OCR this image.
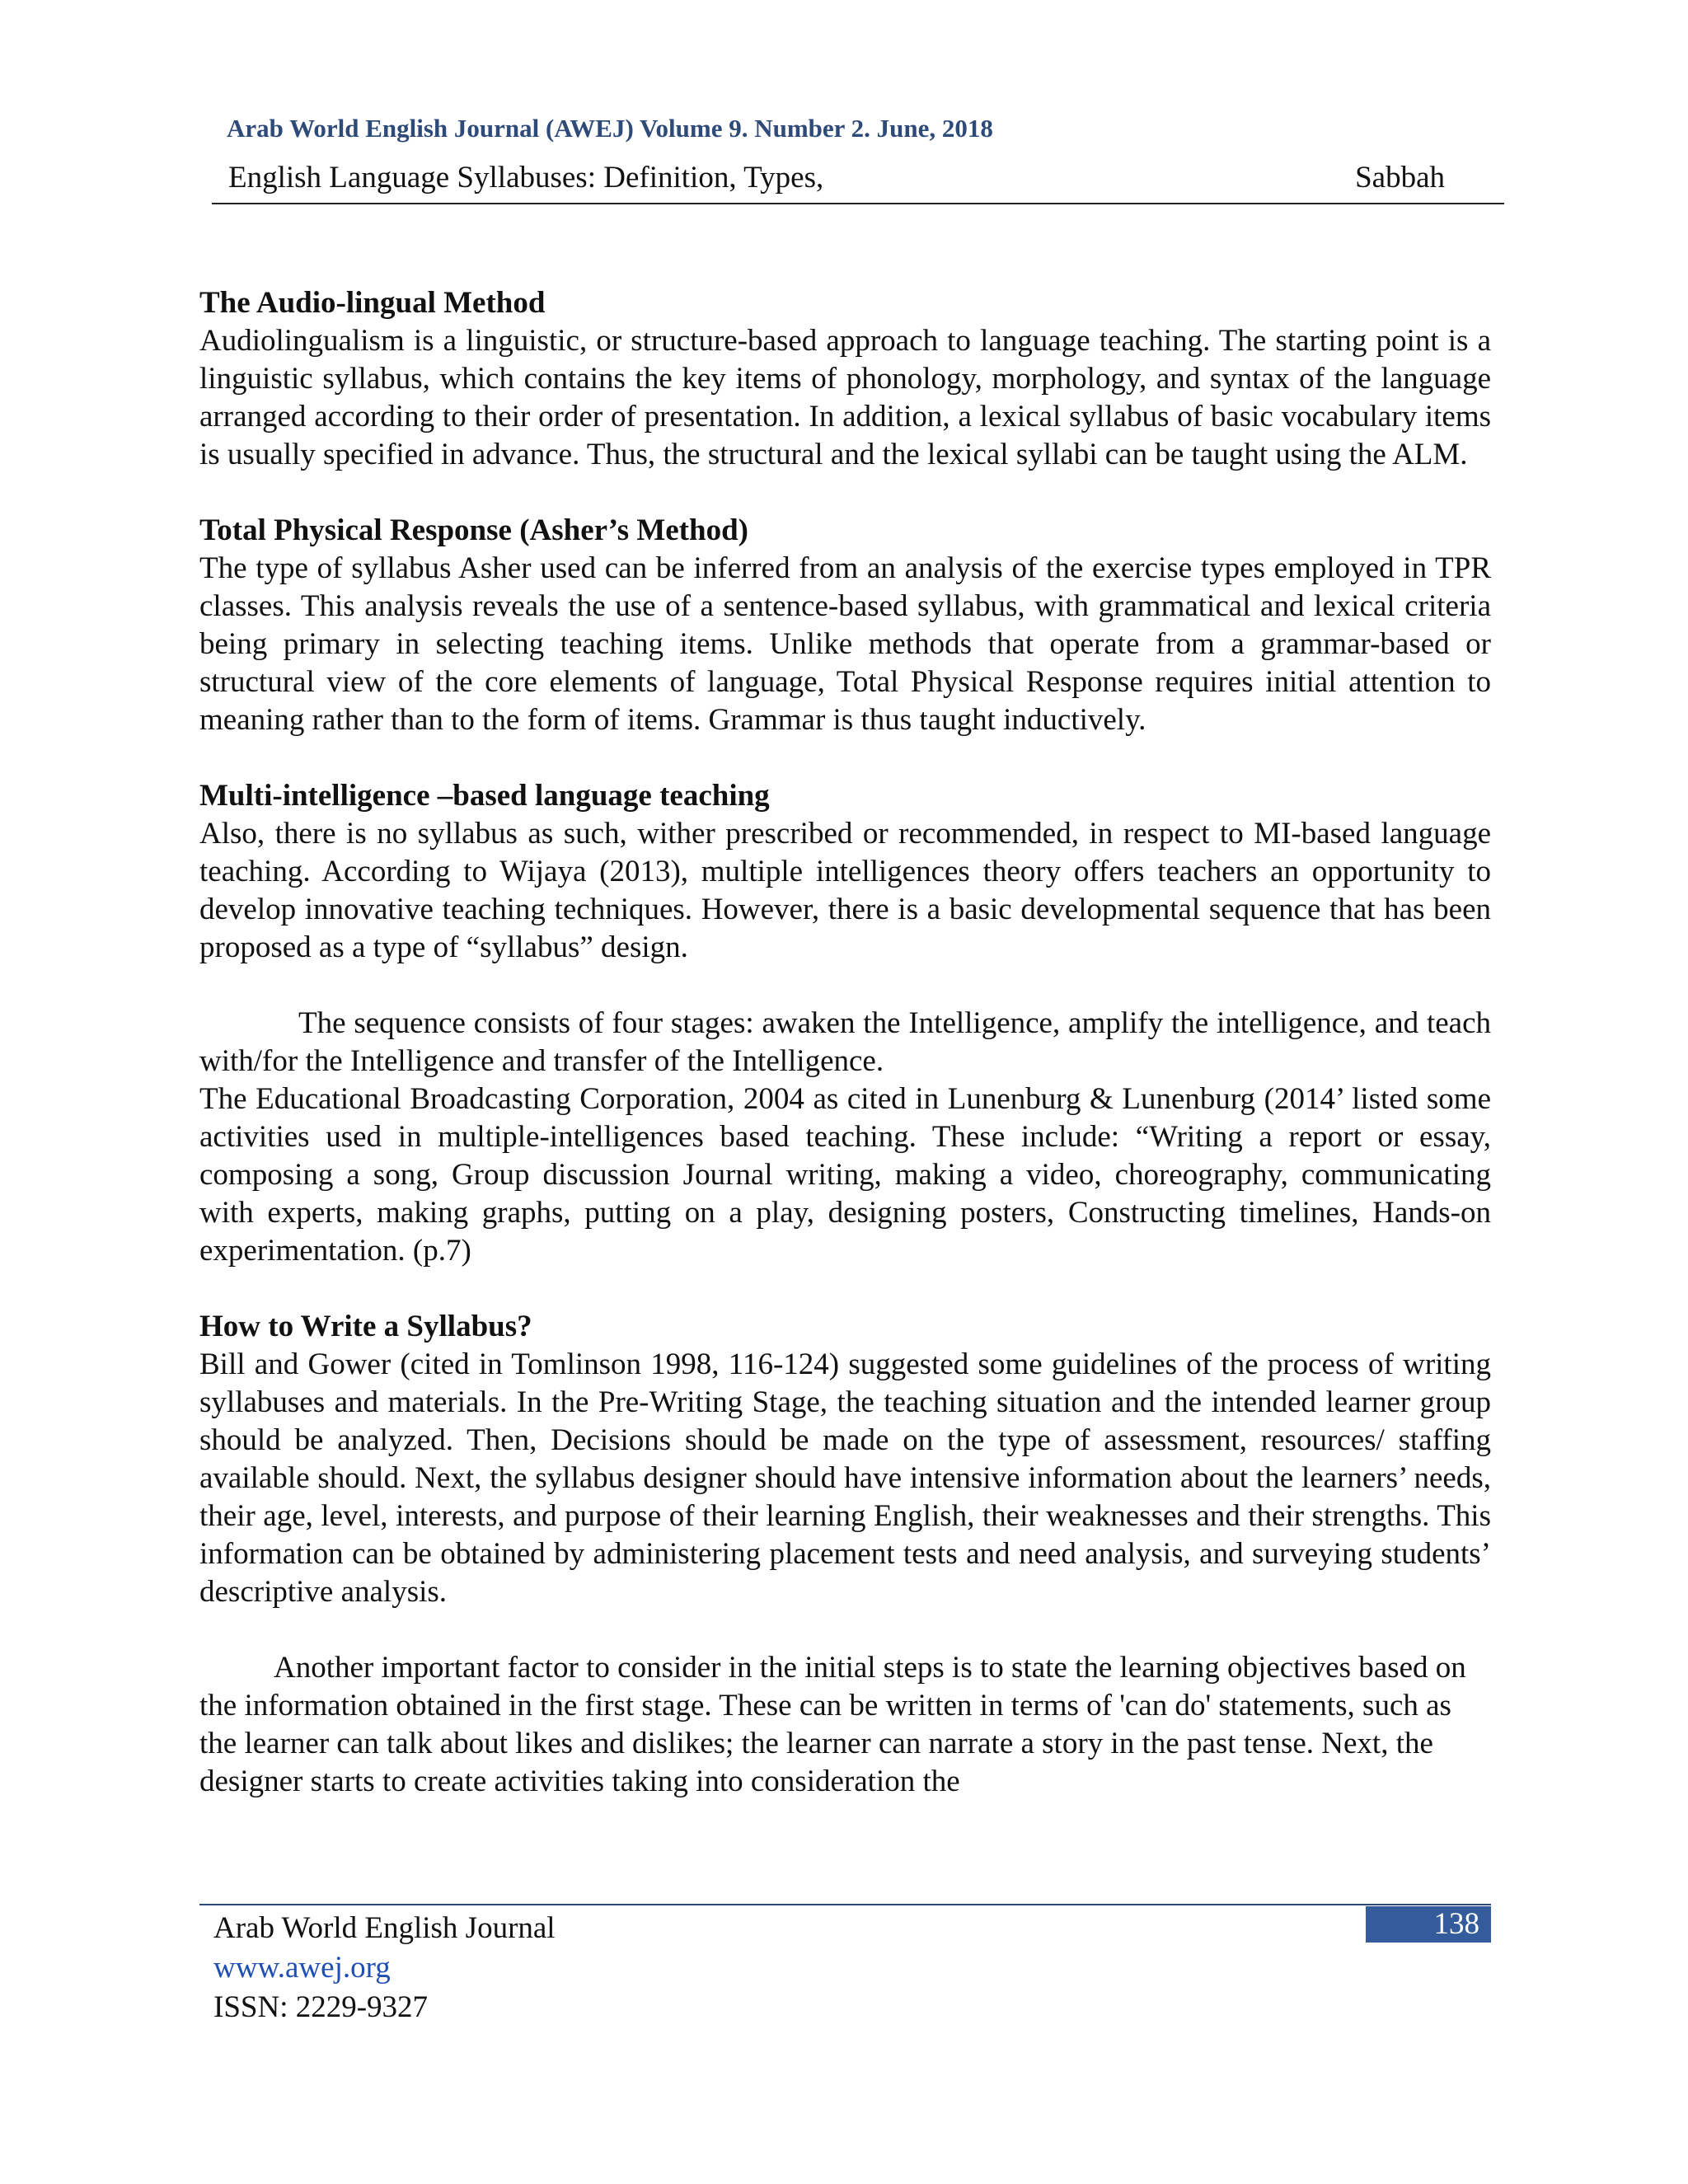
Arab World English Journal (AWEJ) Volume 9. Number 2. June, 2018
English Language Syllabuses: Definition, Types,	Sabbah
The Audio-lingual Method

Audiolingualism is a linguistic, or structure-based approach to language teaching. The starting point is a linguistic syllabus, which contains the key items of phonology, morphology, and syntax of the language arranged according to their order of presentation. In addition, a lexical syllabus of basic vocabulary items is usually specified in advance. Thus, the structural and the lexical syllabi can be taught using the ALM.

Total Physical Response (Asher’s Method)

The type of syllabus Asher used can be inferred from an analysis of the exercise types employed in TPR classes. This analysis reveals the use of a sentence-based syllabus, with grammatical and lexical criteria being primary in selecting teaching items. Unlike methods that operate from a grammar-based or structural view of the core elements of language, Total Physical Response requires initial attention to meaning rather than to the form of items. Grammar is thus taught inductively.

Multi-intelligence –based language teaching

Also, there is no syllabus as such, wither prescribed or recommended, in respect to MI-based language teaching. According to Wijaya (2013), multiple intelligences theory offers teachers an opportunity to develop innovative teaching techniques. However, there is a basic developmental sequence that has been proposed as a type of “syllabus” design.

The sequence consists of four stages: awaken the Intelligence, amplify the intelligence, and teach with/for the Intelligence and transfer of the Intelligence.

The Educational Broadcasting Corporation, 2004 as cited in Lunenburg & Lunenburg (2014’ listed some activities used in multiple-intelligences based teaching. These include: “Writing a report or essay, composing a song, Group discussion Journal writing, making a video, choreography, communicating with experts, making graphs, putting on a play, designing posters, Constructing timelines, Hands-on experimentation. (p.7)

How to Write a Syllabus?

Bill and Gower (cited in Tomlinson 1998, 116-124) suggested some guidelines of the process of writing syllabuses and materials. In the Pre-Writing Stage, the teaching situation and the intended learner group should be analyzed. Then, Decisions should be made on the type of assessment, resources/ staffing available should. Next, the syllabus designer should have intensive information about the learners’ needs, their age, level, interests, and purpose of their learning English, their weaknesses and their strengths. This information can be obtained by administering placement tests and need analysis, and surveying students’ descriptive analysis.

Another important factor to consider in the initial steps is to state the learning objectives based on the information obtained in the first stage. These can be written in terms of 'can do' statements, such as the learner can talk about likes and dislikes; the learner can narrate a story in the past tense. Next, the designer starts to create activities taking into consideration the

Arab World English Journal
www.awej.org
ISSN: 2229-9327
138
